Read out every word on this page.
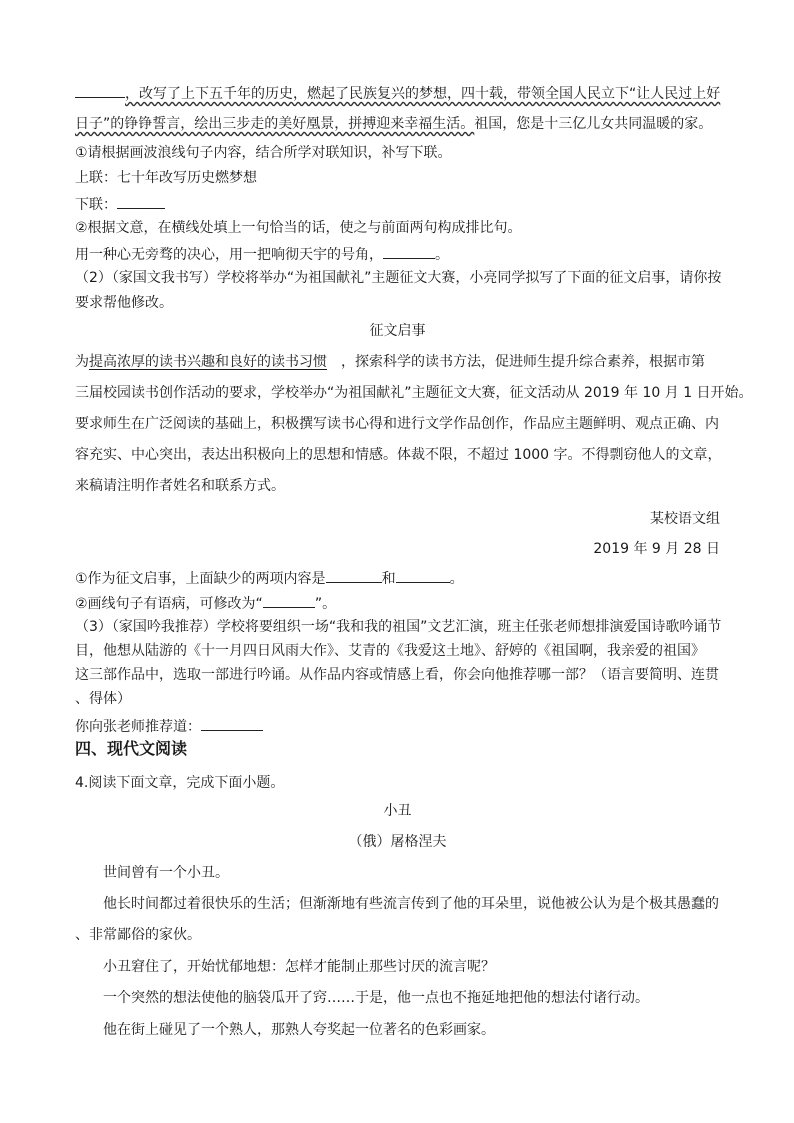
，改写了上下五千年的历史，燃起了民族复兴的梦想，四十载，带领全国人民立下“让人民过上好
日子”的铮铮誓言，绘出三步走的美好凰景，拼搏迎来幸福生活。祖国，您是十三亿儿女共同温暖的家。
①请根据画波浪线句子内容，结合所学对联知识，补写下联。
上联：七十年改写历史燃梦想
下联：
②根据文意，在横线处填上一句恰当的话，使之与前面两句构成排比句。
用一种心无旁骛的决心，用一把响彻天宇的号角，	。
（2）（家国文我书写）学校将举办“为祖国献礼”主题征文大赛，小亮同学拟写了下面的征文启事，请你按
要求帮他修改。
征文启事
为提高浓厚的读书兴趣和良好的读书习惯 ，探索科学的读书方法，促进师生提升综合素养，根据市第
三届校园读书创作活动的要求，学校举办“为祖国献礼”主题征文大赛，征文活动从 2019 年 10 月 1 日开始。
要求师生在广泛阅读的基础上，积极撰写读书心得和进行文学作品创作，作品应主题鲜明、观点正确、内
容充实、中心突出，表达出积极向上的思想和情感。体裁不限，不超过 1000 字。不得剽窃他人的文章，
来稿请注明作者姓名和联系方式。
某校语文组
2019 年 9 月 28 日
①作为征文启事，上面缺少的两项内容是	和	。
②画线句子有语病，可修改为“	”。
（3）（家国吟我推荐）学校将要组织一场“我和我的祖国”文艺汇演，班主任张老师想排演爱国诗歌吟诵节
目，他想从陆游的《十一月四日风雨大作》、艾青的《我爱这土地》、舒婷的《祖国啊，我亲爱的祖国》
这三部作品中，选取一部进行吟诵。从作品内容或情感上看，你会向他推荐哪一部？（语言要简明、连贯
、得体）
你向张老师推荐道：
四、现代文阅读
4.阅读下面文章，完成下面小题。
小丑
（俄）屠格涅夫
世间曾有一个小丑。
他长时间都过着很快乐的生活；但渐渐地有些流言传到了他的耳朵里，说他被公认为是个极其愚蠢的
、非常鄙俗的家伙。
小丑窘住了，开始忧郁地想：怎样才能制止那些讨厌的流言呢？
一个突然的想法使他的脑袋瓜开了窍……于是，他一点也不拖延地把他的想法付诸行动。
他在街上碰见了一个熟人，那熟人夸奖起一位著名的色彩画家。
